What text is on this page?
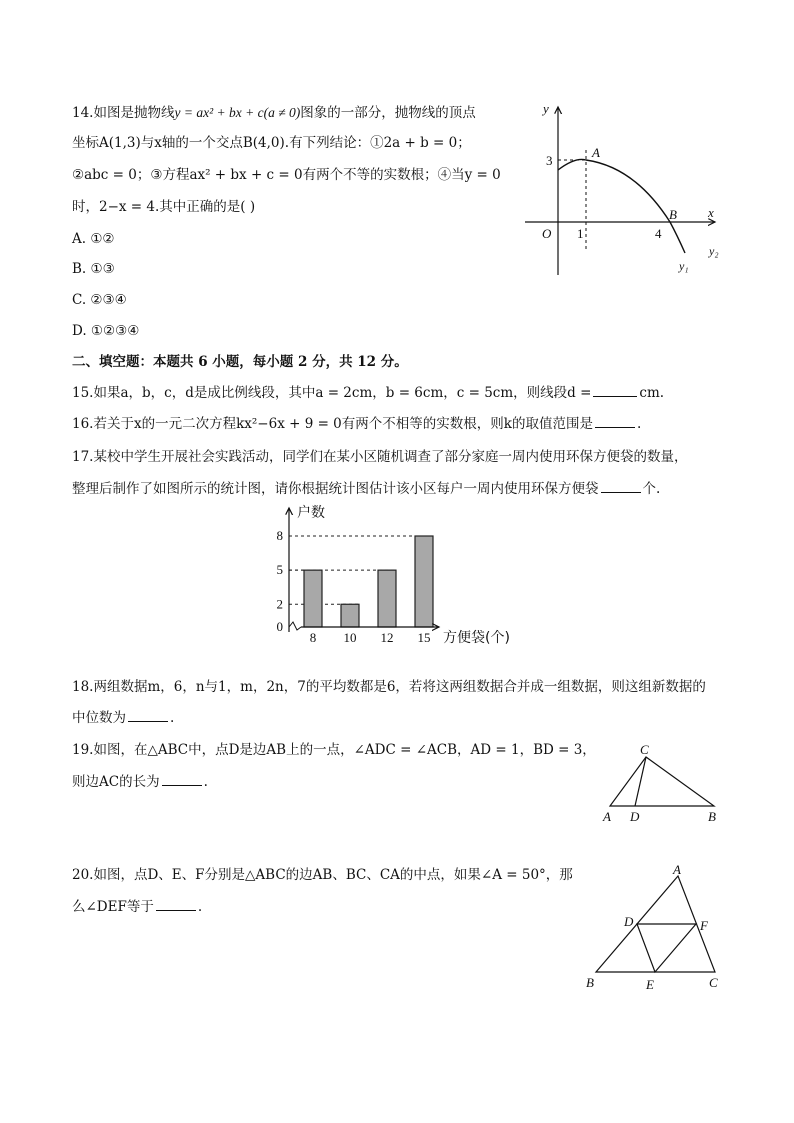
14.如图是抛物线y = ax² + bx + c(a ≠ 0)图象的一部分，抛物线的顶点
坐标A(1,3)与x轴的一个交点B(4,0).有下列结论：①2a + b = 0；
②abc = 0；③方程ax² + bx + c = 0有两个不等的实数根；④当y = 0
时，2−x = 4.其中正确的是( )
A. ①②
B. ①③
C. ②③④
D. ①②③④
y
x
O
A
B
3
1	4
y₂
y₁
二、填空题：本题共 6 小题，每小题 2 分，共 12 分。
15.如果a，b，c，d是成比例线段，其中a = 2cm，b = 6cm，c = 5cm，则线段d =	cm.
16.若关于x的一元二次方程kx²−6x + 9 = 0有两个不相等的实数根，则k的取值范围是	.
17.某校中学生开展社会实践活动，同学们在某小区随机调查了部分家庭一周内使用环保方便袋的数量，
整理后制作了如图所示的统计图，请你根据统计图估计该小区每户一周内使用环保方便袋	个.
0
2
5
8
8 10 12 15
户数
方便袋(个)
18.两组数据m，6，n与1，m，2n，7的平均数都是6，若将这两组数据合并成一组数据，则这组新数据的
中位数为	.
19.如图，在△ABC中，点D是边AB上的一点，∠ADC = ∠ACB，AD = 1，BD = 3，
则边AC的长为	.
C
A D	B
20.如图，点D、E、F分别是△ABC的边AB、BC、CA的中点，如果∠A = 50°，那
么∠DEF等于	.
A
D	F
B	E	C
